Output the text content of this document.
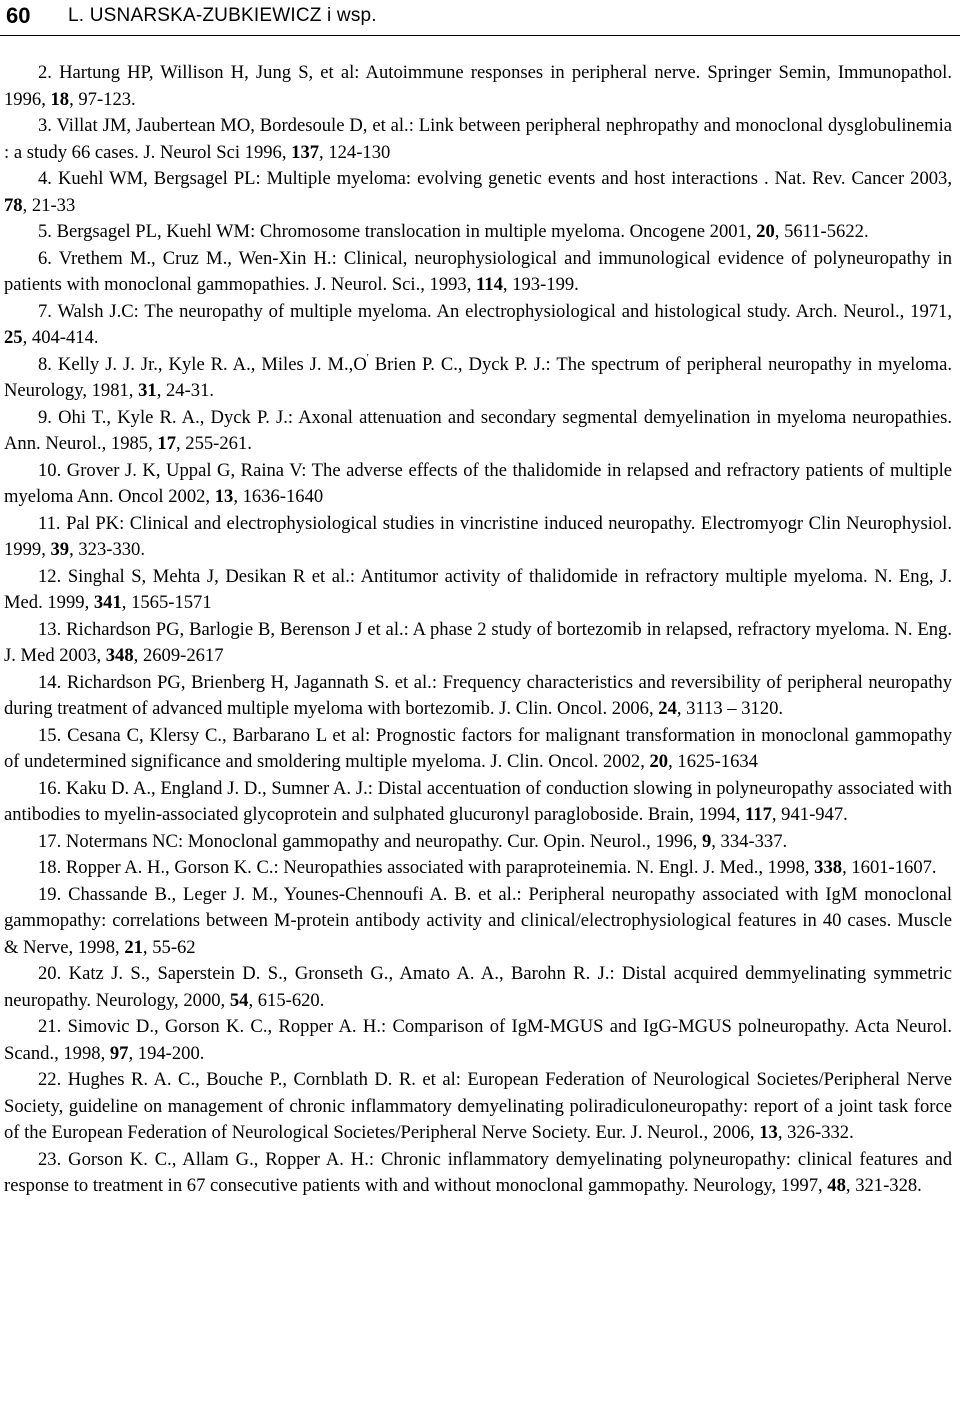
60 L. USNARSKA-ZUBKIEWICZ i wsp.

2. Hartung HP, Willison H, Jung S, et al: Autoimmune responses in peripheral nerve. Springer Semin, Immunopathol. 1996, 18, 97-123.

3. Villat JM, Jaubertean MO, Bordesoule D, et al.: Link between peripheral nephropathy and monoclonal dysglobulinemia : a study 66 cases. J. Neurol Sci 1996, 137, 124-130

4. Kuehl WM, Bergsagel PL: Multiple myeloma: evolving genetic events and host interactions . Nat. Rev. Cancer 2003, 78, 21-33

5. Bergsagel PL, Kuehl WM: Chromosome translocation in multiple myeloma. Oncogene 2001, 20, 5611-5622.

6. Vrethem M., Cruz M., Wen-Xin H.: Clinical, neurophysiological and immunological evidence of polyneuropathy in patients with monoclonal gammopathies. J. Neurol. Sci., 1993, 114, 193-199.

7. Walsh J.C: The neuropathy of multiple myeloma. An electrophysiological and histological study. Arch. Neurol., 1971, 25, 404-414.

8. Kelly J. J. Jr., Kyle R. A., Miles J. M.,O' Brien P. C., Dyck P. J.: The spectrum of peripheral neuropathy in myeloma. Neurology, 1981, 31, 24-31.

9. Ohi T., Kyle R. A., Dyck P. J.: Axonal attenuation and secondary segmental demyelination in myeloma neuropathies. Ann. Neurol., 1985, 17, 255-261.

10. Grover J. K, Uppal G, Raina V: The adverse effects of the thalidomide in relapsed and refractory patients of multiple myeloma Ann. Oncol 2002, 13, 1636-1640

11. Pal PK: Clinical and electrophysiological studies in vincristine induced neuropathy. Electromyogr Clin Neurophysiol. 1999, 39, 323-330.

12. Singhal S, Mehta J, Desikan R et al.: Antitumor activity of thalidomide in refractory multiple myeloma. N. Eng, J. Med. 1999, 341, 1565-1571

13. Richardson PG, Barlogie B, Berenson J et al.: A phase 2 study of bortezomib in relapsed, refractory myeloma. N. Eng. J. Med 2003, 348, 2609-2617

14. Richardson PG, Brienberg H, Jagannath S. et al.: Frequency characteristics and reversibility of peripheral neuropathy during treatment of advanced multiple myeloma with bortezomib. J. Clin. Oncol. 2006, 24, 3113 – 3120.

15. Cesana C, Klersy C., Barbarano L et al: Prognostic factors for malignant transformation in monoclonal gammopathy of undetermined significance and smoldering multiple myeloma. J. Clin. Oncol. 2002, 20, 1625-1634

16. Kaku D. A., England J. D., Sumner A. J.: Distal accentuation of conduction slowing in polyneuropathy associated with antibodies to myelin-associated glycoprotein and sulphated glucuronyl paragloboside. Brain, 1994, 117, 941-947.

17. Notermans NC: Monoclonal gammopathy and neuropathy. Cur. Opin. Neurol., 1996, 9, 334-337.

18. Ropper A. H., Gorson K. C.: Neuropathies associated with paraproteinemia. N. Engl. J. Med., 1998, 338, 1601-1607.

19. Chassande B., Leger J. M., Younes-Chennoufi A. B. et al.: Peripheral neuropathy associated with IgM monoclonal gammopathy: correlations between M-protein antibody activity and clinical/electrophysiological features in 40 cases. Muscle & Nerve, 1998, 21, 55-62

20. Katz J. S., Saperstein D. S., Gronseth G., Amato A. A., Barohn R. J.: Distal acquired demmyelinating symmetric neuropathy. Neurology, 2000, 54, 615-620.

21. Simovic D., Gorson K. C., Ropper A. H.: Comparison of IgM-MGUS and IgG-MGUS polneuropathy. Acta Neurol. Scand., 1998, 97, 194-200.

22. Hughes R. A. C., Bouche P., Cornblath D. R. et al: European Federation of Neurological Societes/Peripheral Nerve Society, guideline on management of chronic inflammatory demyelinating poliradiculoneuropathy: report of a joint task force of the European Federation of Neurological Societes/Peripheral Nerve Society. Eur. J. Neurol., 2006, 13, 326-332.

23. Gorson K. C., Allam G., Ropper A. H.: Chronic inflammatory demyelinating polyneuropathy: clinical features and response to treatment in 67 consecutive patients with and without monoclonal gammopathy. Neurology, 1997, 48, 321-328.
